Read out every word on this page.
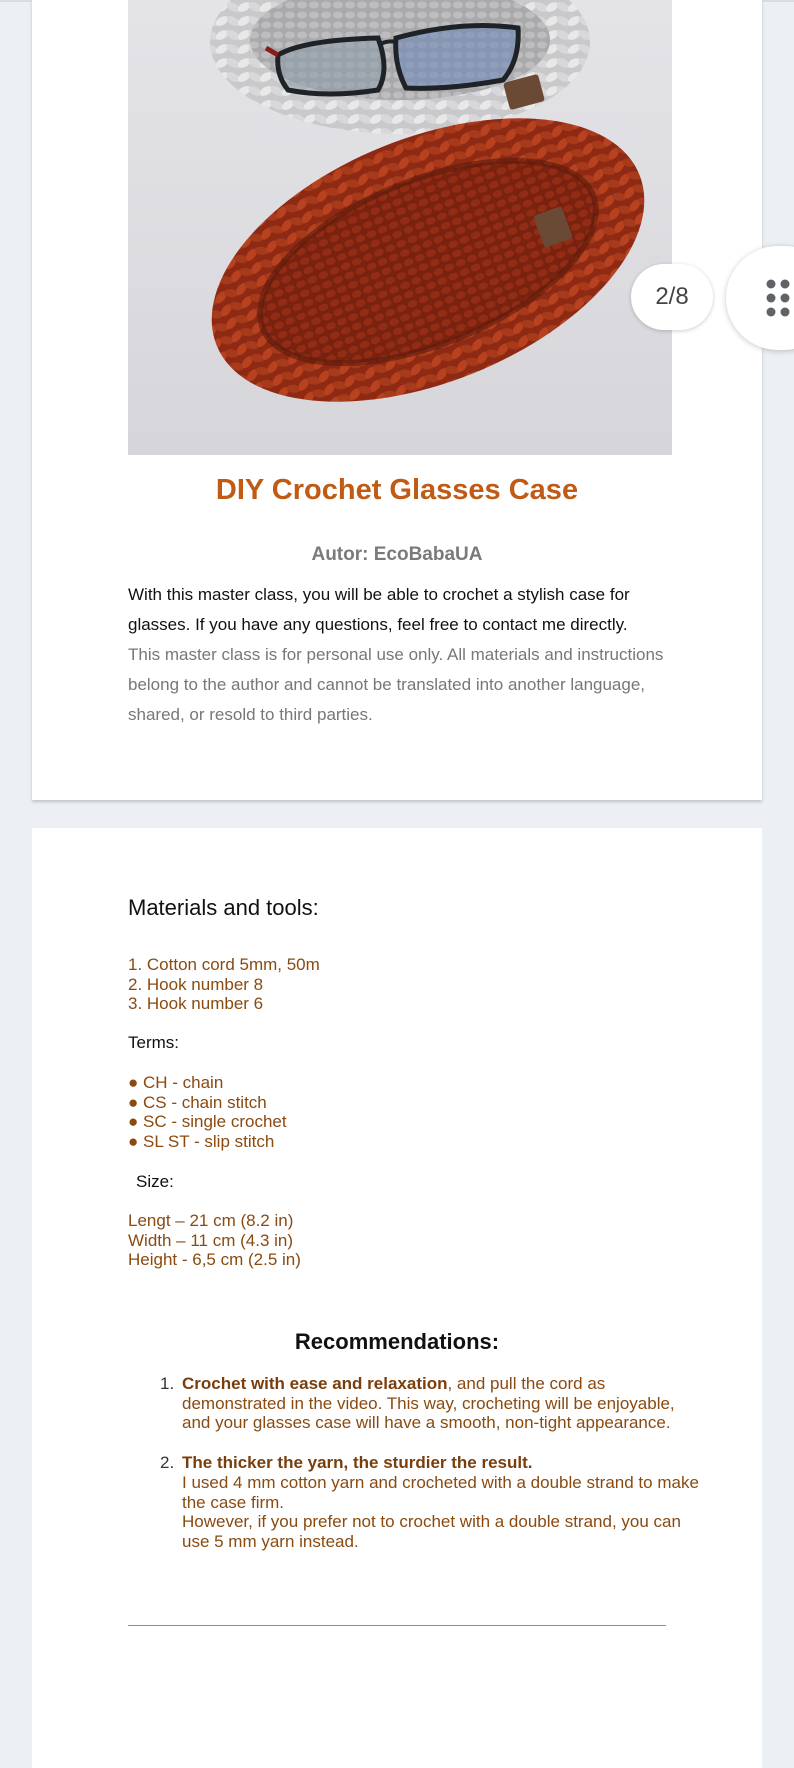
DIY Crochet Glasses Case
Autor: EcoBabaUA

With this master class, you will be able to crochet a stylish case for glasses. If you have any questions, feel free to contact me directly.

This master class is for personal use only. All materials and instructions belong to the author and cannot be translated into another language, shared, or resold to third parties.

Materials and tools:
1. Cotton cord 5mm, 50m
2. Hook number 8
3. Hook number 6
Terms:
● CH - chain
● CS - chain stitch
● SC - single crochet
● SL ST - slip stitch
Size:
Lengt – 21 cm (8.2 in)
Width – 11 cm (4.3 in)
Height - 6,5 cm (2.5 in)
Recommendations:
1. Crochet with ease and relaxation, and pull the cord as demonstrated in the video. This way, crocheting will be enjoyable, and your glasses case will have a smooth, non-tight appearance.
2. The thicker the yarn, the sturdier the result.
I used 4 mm cotton yarn and crocheted with a double strand to make the case firm.
However, if you prefer not to crochet with a double strand, you can use 5 mm yarn instead.
2/8
